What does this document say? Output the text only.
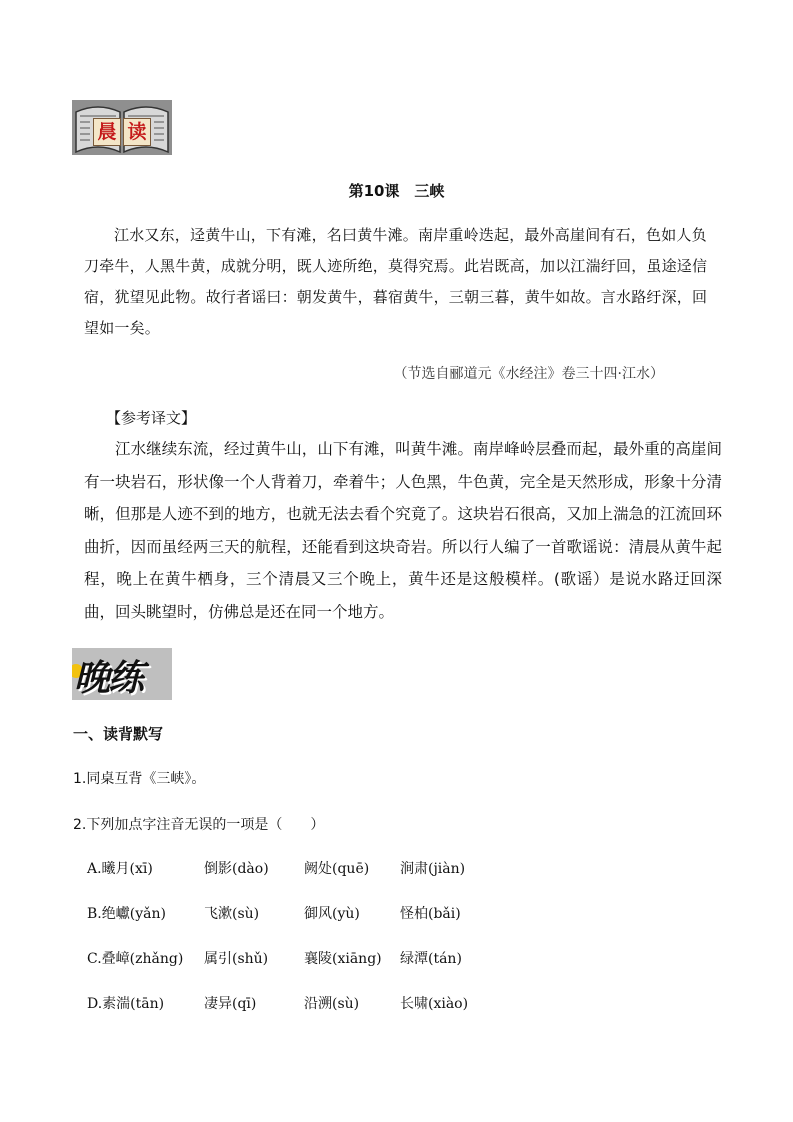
晨 读
第10课　三峡
江水又东，迳黄牛山，下有滩，名曰黄牛滩。南岸重岭迭起，最外高崖间有石，色如人负刀牵牛，人黑牛黄，成就分明，既人迹所绝，莫得究焉。此岩既高，加以江湍纡回，虽途迳信宿，犹望见此物。故行者谣曰：朝发黄牛，暮宿黄牛，三朝三暮，黄牛如故。言水路纡深，回望如一矣。
（节选自郦道元《水经注》卷三十四·江水）
【参考译文】
江水继续东流，经过黄牛山，山下有滩，叫黄牛滩。南岸峰岭层叠而起，最外重的高崖间有一块岩石，形状像一个人背着刀，牵着牛；人色黑，牛色黄，完全是天然形成，形象十分清晰，但那是人迹不到的地方，也就无法去看个究竟了。这块岩石很高，又加上湍急的江流回环曲折，因而虽经两三天的航程，还能看到这块奇岩。所以行人编了一首歌谣说：清晨从黄牛起程，晚上在黄牛栖身，三个清晨又三个晚上，黄牛还是这般模样。(歌谣）是说水路迂回深曲，回头眺望时，仿佛总是还在同一个地方。
晚练
一、读背默写
1.同桌互背《三峡》。
2.下列加点字注音无误的一项是（　　）
A.曦月(xī)	倒影(dào)	阙处(quē) 涧肃(jiàn)
B.绝巘(yǎn)	飞漱(sù)	御风(yù)	怪柏(bǎi)
C.叠嶂(zhǎng) 属引(shǔ)	襄陵(xiāng) 绿潭(tán)
D.素湍(tān)	凄异(qī)	沿溯(sù)	长啸(xiào)
